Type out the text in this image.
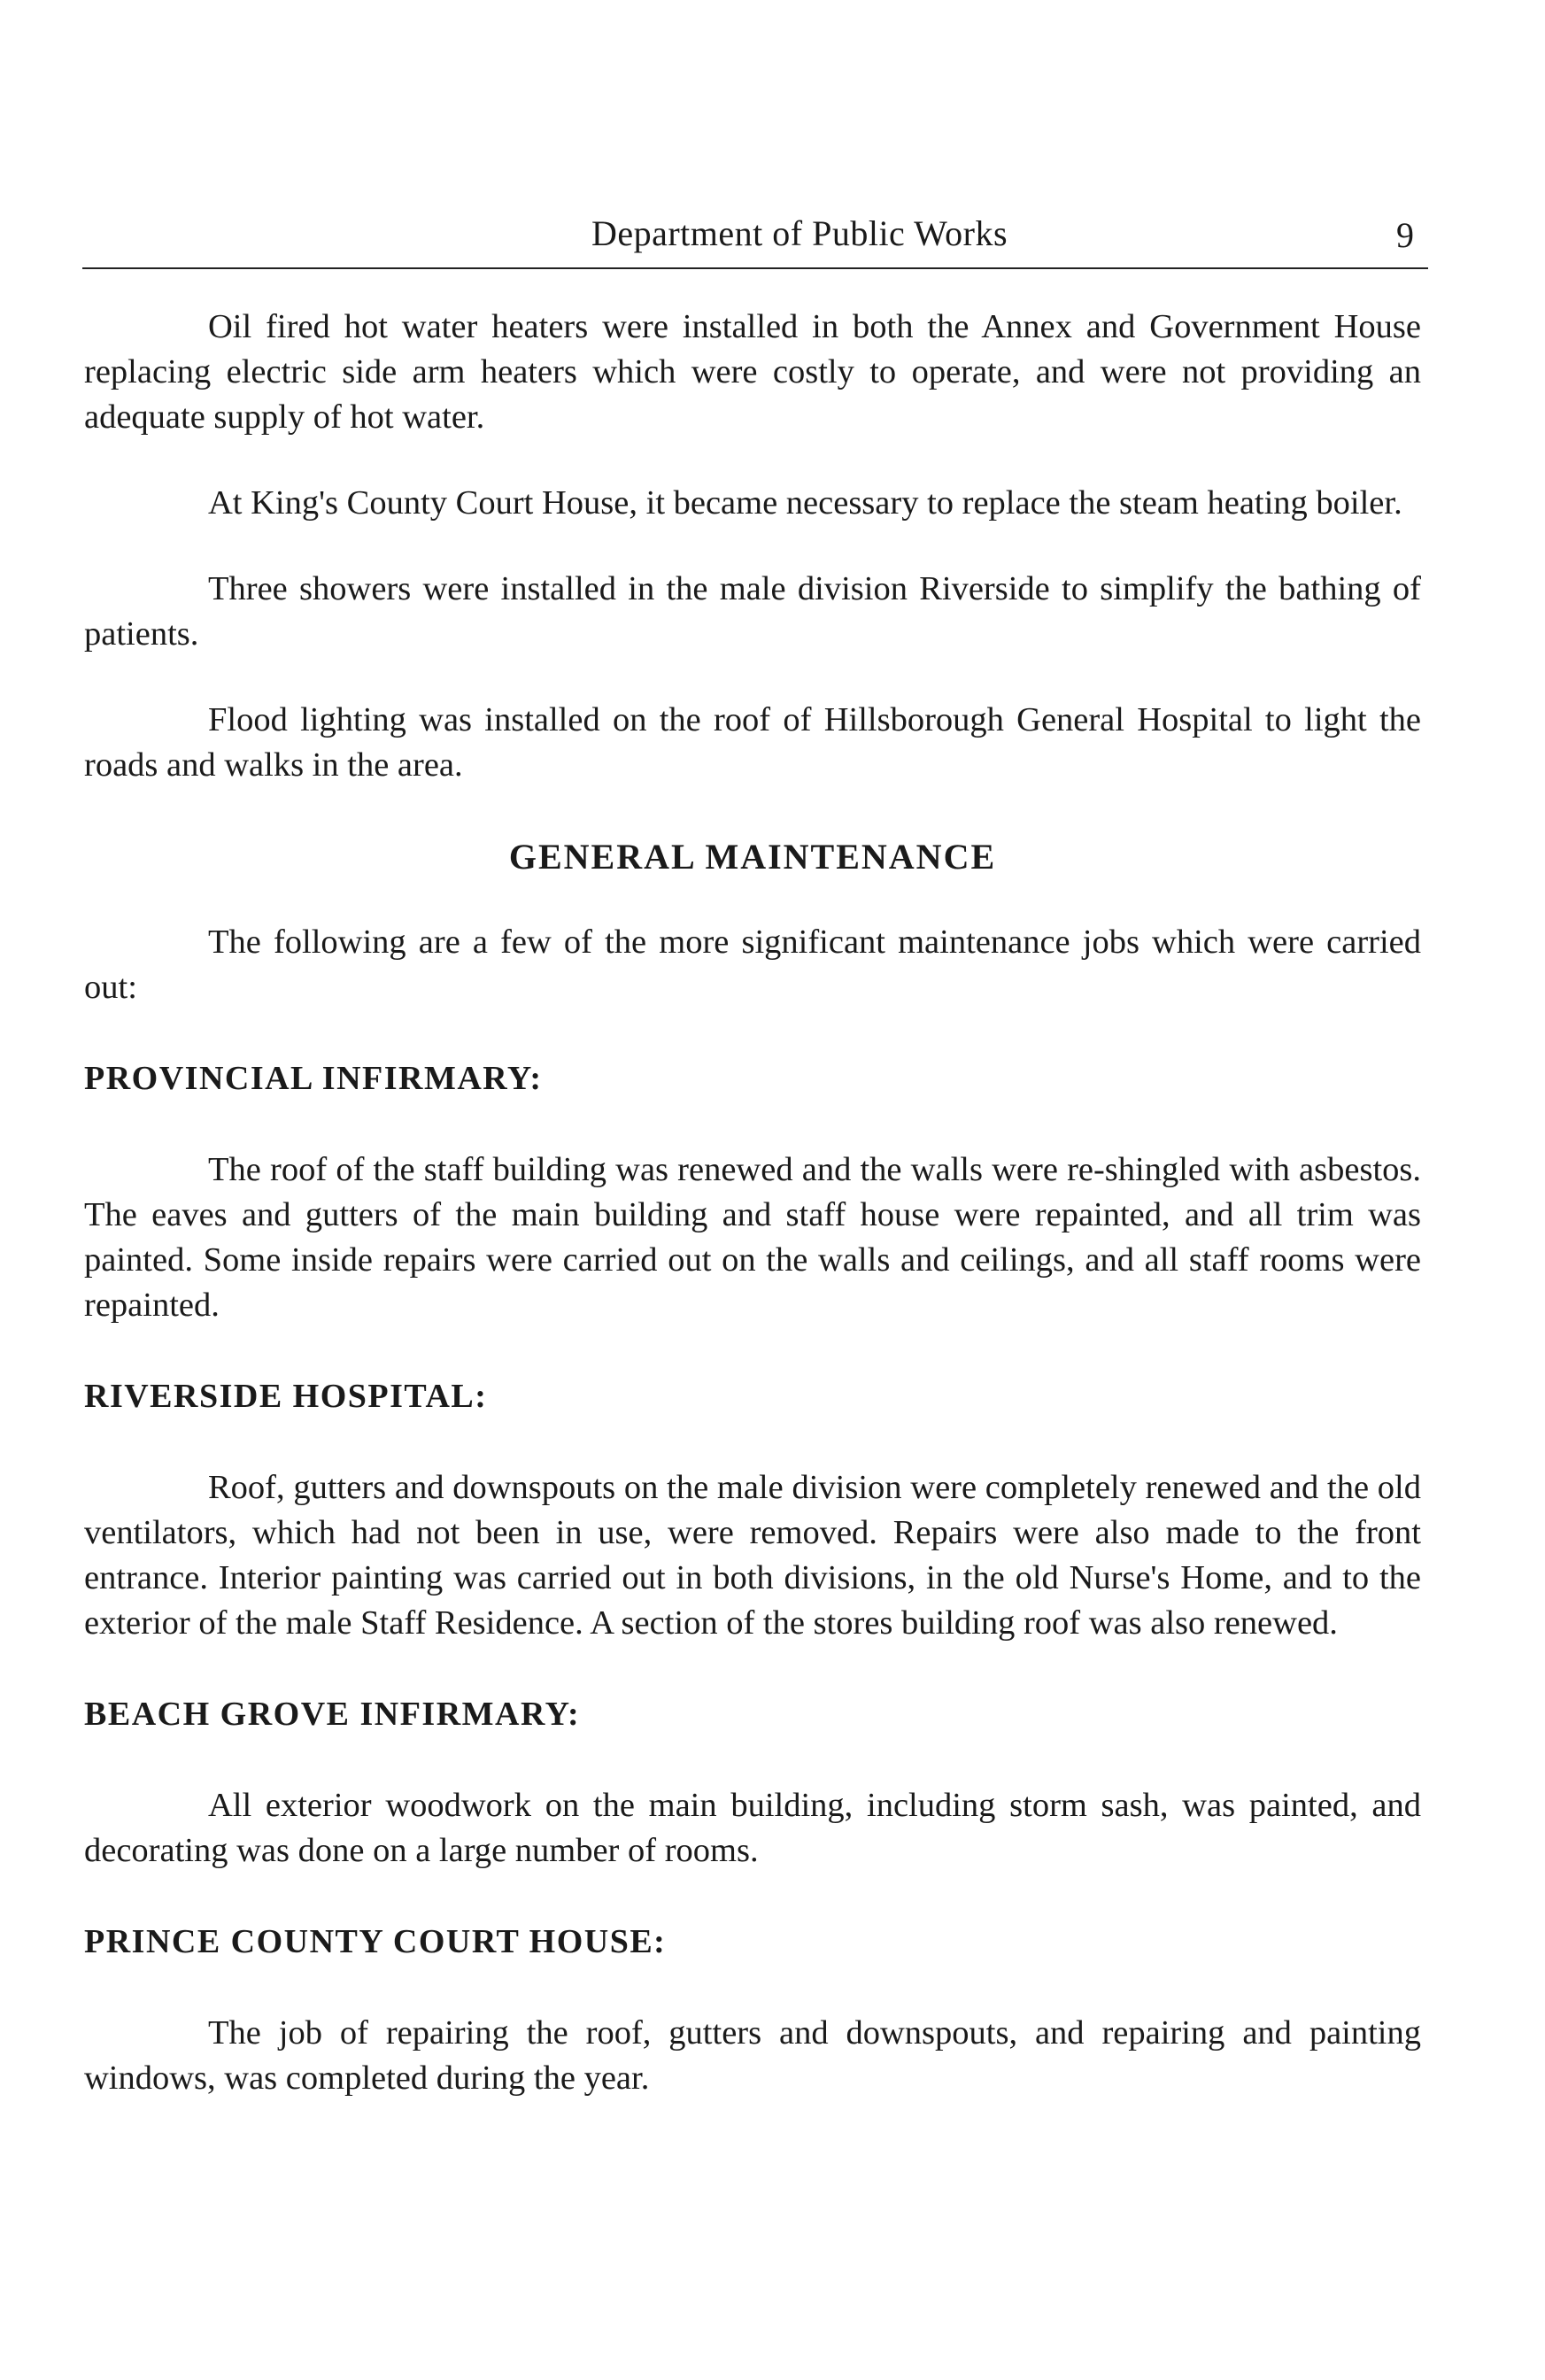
Department of Public Works	9

Oil fired hot water heaters were installed in both the Annex and Government House replacing electric side arm heaters which were costly to operate, and were not providing an adequate supply of hot water.

At King's County Court House, it became necessary to replace the steam heating boiler.

Three showers were installed in the male division Riverside to simplify the bathing of patients.

Flood lighting was installed on the roof of Hillsborough General Hospital to light the roads and walks in the area.

GENERAL MAINTENANCE

The following are a few of the more significant maintenance jobs which were carried out:

PROVINCIAL INFIRMARY:

The roof of the staff building was renewed and the walls were re-shingled with asbestos. The eaves and gutters of the main building and staff house were repainted, and all trim was painted. Some inside repairs were carried out on the walls and ceilings, and all staff rooms were repainted.

RIVERSIDE HOSPITAL:

Roof, gutters and downspouts on the male division were completely renewed and the old ventilators, which had not been in use, were removed. Repairs were also made to the front entrance. Interior painting was carried out in both divisions, in the old Nurse's Home, and to the exterior of the male Staff Residence. A section of the stores building roof was also renewed.

BEACH GROVE INFIRMARY:

All exterior woodwork on the main building, including storm sash, was painted, and decorating was done on a large number of rooms.

PRINCE COUNTY COURT HOUSE:

The job of repairing the roof, gutters and downspouts, and repairing and painting windows, was completed during the year.
